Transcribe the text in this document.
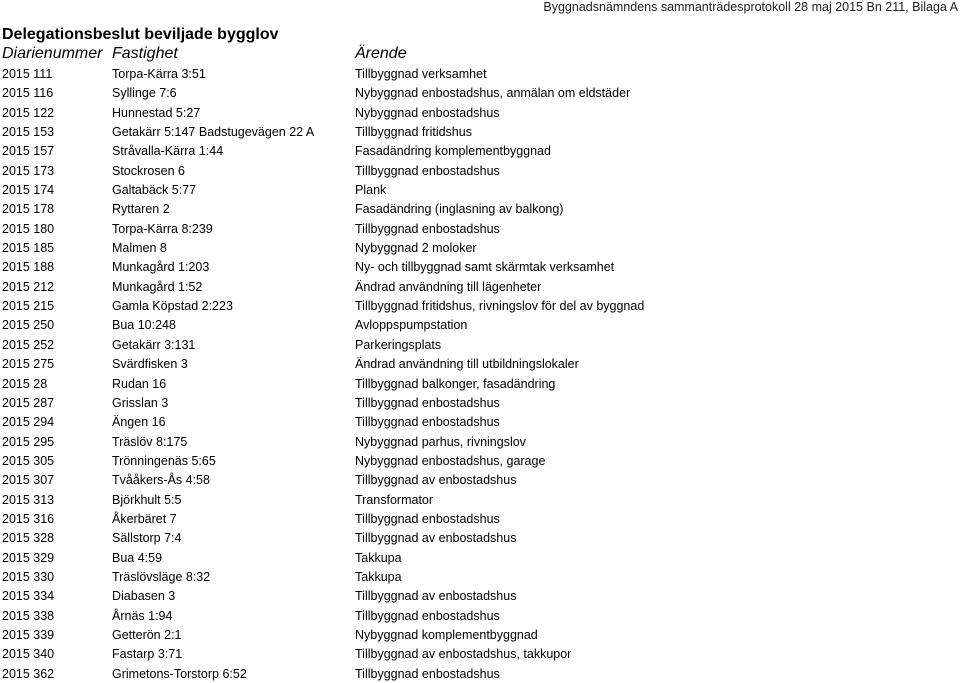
Byggnadsnämndens sammanträdesprotokoll 28 maj 2015 Bn 211, Bilaga A
Delegationsbeslut beviljade bygglov
Diarienummer Fastighet	Ärende
2015 111	Torpa-Kärra 3:51	Tillbyggnad verksamhet
2015 116	Syllinge 7:6	Nybyggnad enbostadshus, anmälan om eldstäder
2015 122	Hunnestad 5:27	Nybyggnad enbostadshus
2015 153	Getakärr 5:147 Badstugevägen 22 A	Tillbyggnad fritidshus
2015 157	Stråvalla-Kärra 1:44	Fasadändring komplementbyggnad
2015 173	Stockrosen 6	Tillbyggnad enbostadshus
2015 174	Galtabäck 5:77	Plank
2015 178	Ryttaren 2	Fasadändring (inglasning av balkong)
2015 180	Torpa-Kärra 8:239	Tillbyggnad enbostadshus
2015 185	Malmen 8	Nybyggnad 2 moloker
2015 188	Munkagård 1:203	Ny- och tillbyggnad samt skärmtak verksamhet
2015 212	Munkagård 1:52	Ändrad användning till lägenheter
2015 215	Gamla Köpstad 2:223	Tillbyggnad fritidshus, rivningslov för del av byggnad
2015 250	Bua 10:248	Avloppspumpstation
2015 252	Getakärr 3:131	Parkeringsplats
2015 275	Svärdfisken 3	Ändrad användning till utbildningslokaler
2015 28	Rudan 16	Tillbyggnad balkonger, fasadändring
2015 287	Grisslan 3	Tillbyggnad enbostadshus
2015 294	Ängen 16	Tillbyggnad enbostadshus
2015 295	Träslöv 8:175	Nybyggnad parhus, rivningslov
2015 305	Trönningenäs 5:65	Nybyggnad enbostadshus, garage
2015 307	Tvååkers-Ås 4:58	Tillbyggnad av enbostadshus
2015 313	Björkhult 5:5	Transformator
2015 316	Åkerbäret 7	Tillbyggnad enbostadshus
2015 328	Sällstorp 7:4	Tillbyggnad av enbostadshus
2015 329	Bua 4:59	Takkupa
2015 330	Träslövsläge 8:32	Takkupa
2015 334	Diabasen 3	Tillbyggnad av enbostadshus
2015 338	Årnäs 1:94	Tillbyggnad enbostadshus
2015 339	Getterön 2:1	Nybyggnad komplementbyggnad
2015 340	Fastarp 3:71	Tillbyggnad av enbostadshus, takkupor
2015 362	Grimetons-Torstorp 6:52	Tillbyggnad enbostadshus
